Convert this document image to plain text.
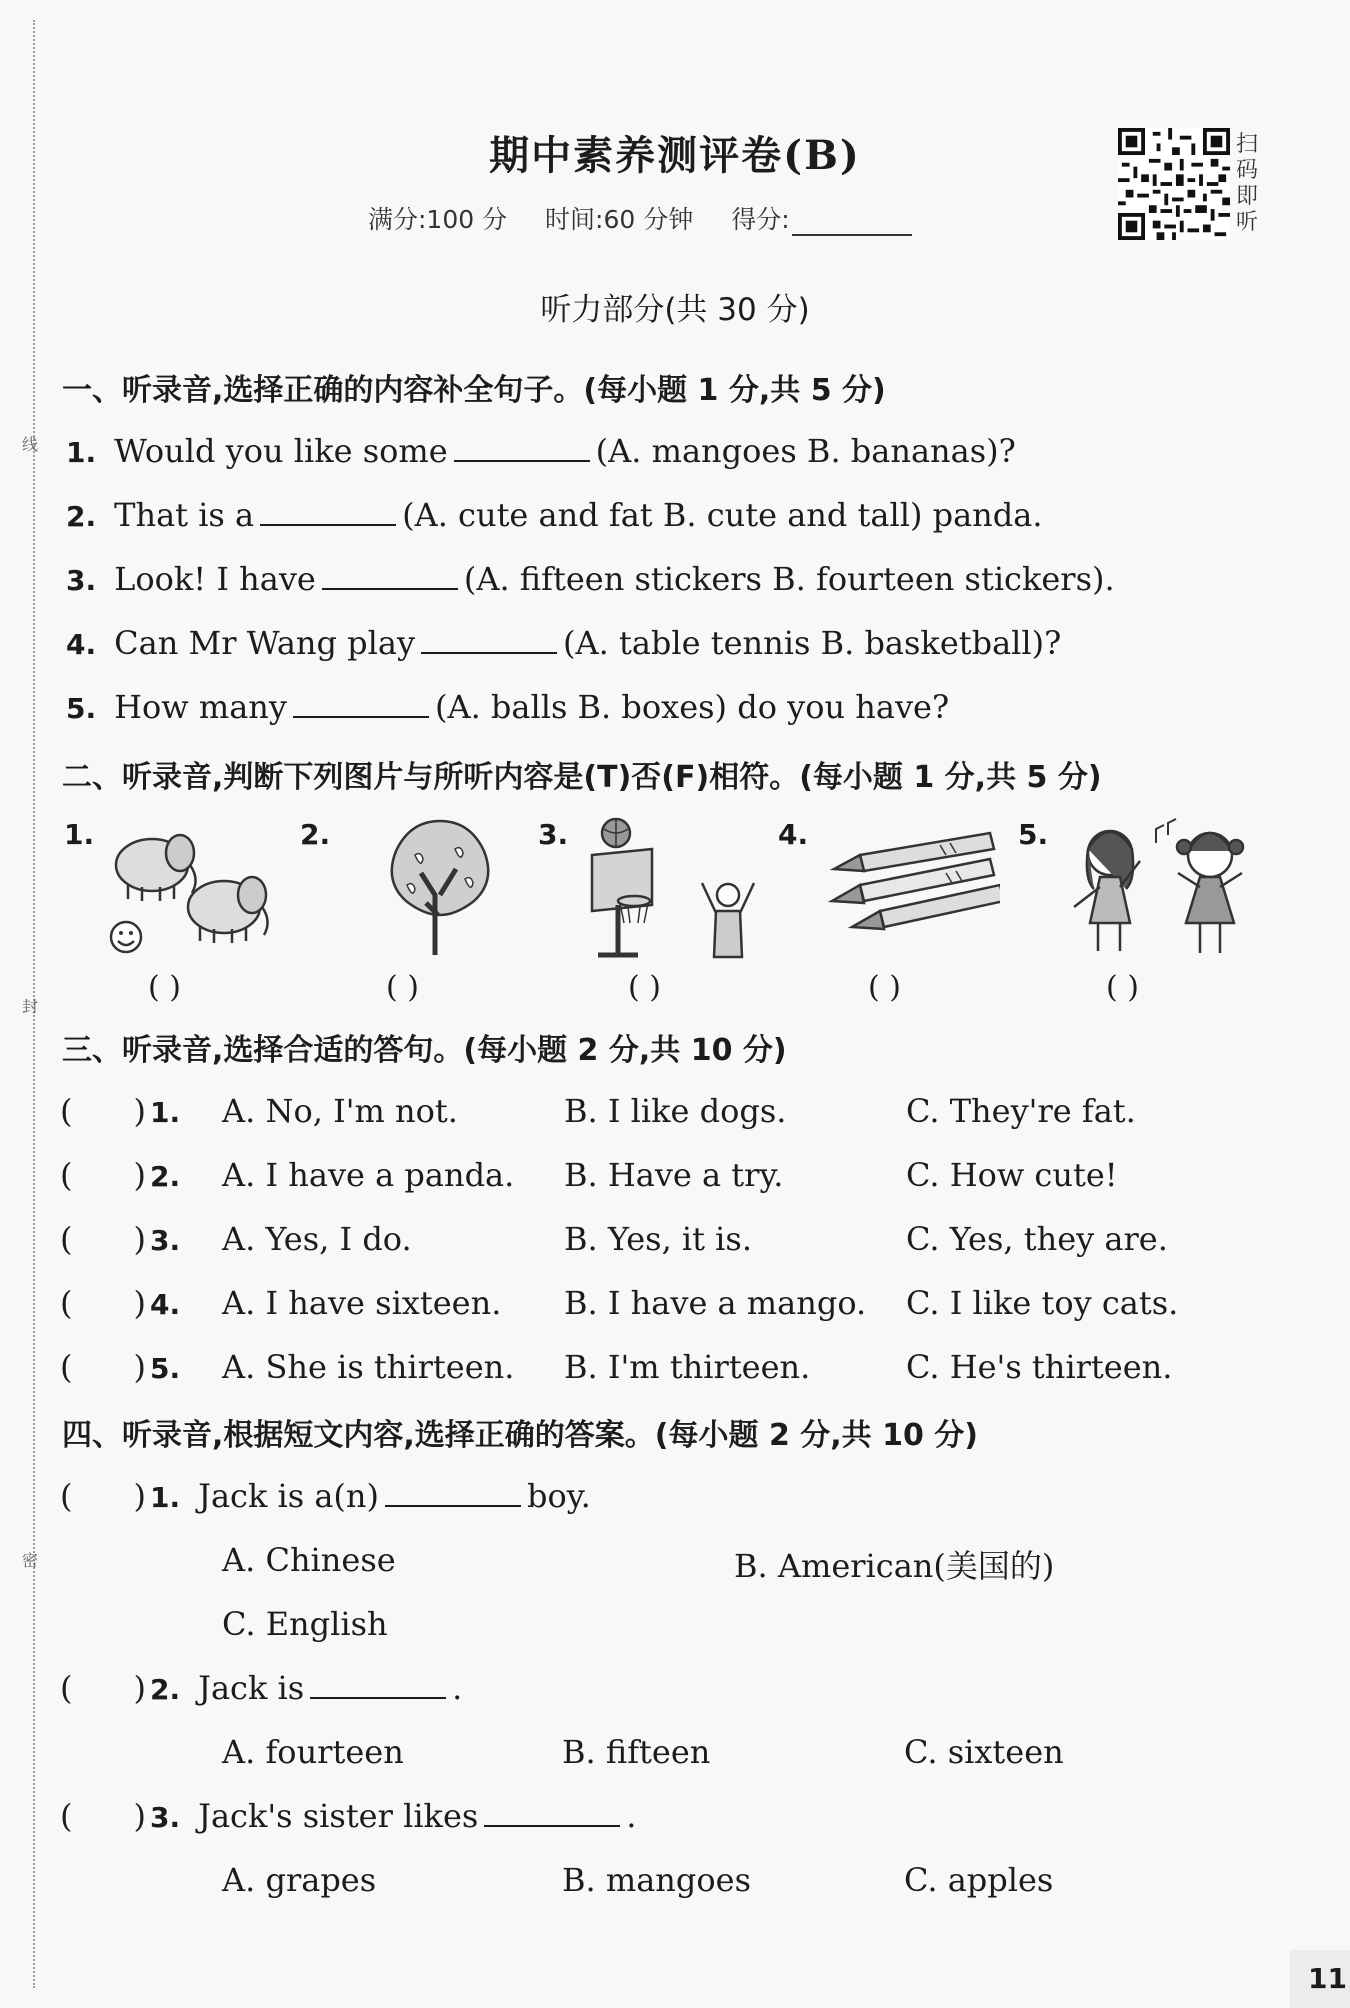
线
封
密
期中素养测评卷(B)
满分:100 分 时间:60 分钟 得分:
扫
码
即
听
听力部分(共 30 分)
一、听录音,选择正确的内容补全句子。(每小题 1 分,共 5 分)
1. Would you like some	(A. mangoes B. bananas)?
2. That is a	(A. cute and fat B. cute and tall) panda.
3. Look! I have	(A. fifteen stickers B. fourteen stickers).
4. Can Mr Wang play	(A. table tennis B. basketball)?
5. How many	(A. balls B. boxes) do you have?
二、听录音,判断下列图片与所听内容是(T)否(F)相符。(每小题 1 分,共 5 分)
1.
( )
2.
( )
3.
( )
4.
( )
5.
( )
三、听录音,选择合适的答句。(每小题 2 分,共 10 分)
(      ) 1.	A. No, I'm not.	B. I like dogs.	C. They're fat.
(      ) 2.	A. I have a panda. B. Have a try.	C. How cute!
(      ) 3.	A. Yes, I do.	B. Yes, it is.	C. Yes, they are.
(      ) 4.	A. I have sixteen. B. I have a mango. C. I like toy cats.
(      ) 5.	A. She is thirteen. B. I'm thirteen.	C. He's thirteen.
四、听录音,根据短文内容,选择正确的答案。(每小题 2 分,共 10 分)
(      ) 1. Jack is a(n)	boy.
A. Chinese	B. American(美国的)
C. English
(      ) 2. Jack is	.
A. fourteen	B. fifteen	C. sixteen
(      ) 3. Jack's sister likes	.
A. grapes	B. mangoes	C. apples
11
